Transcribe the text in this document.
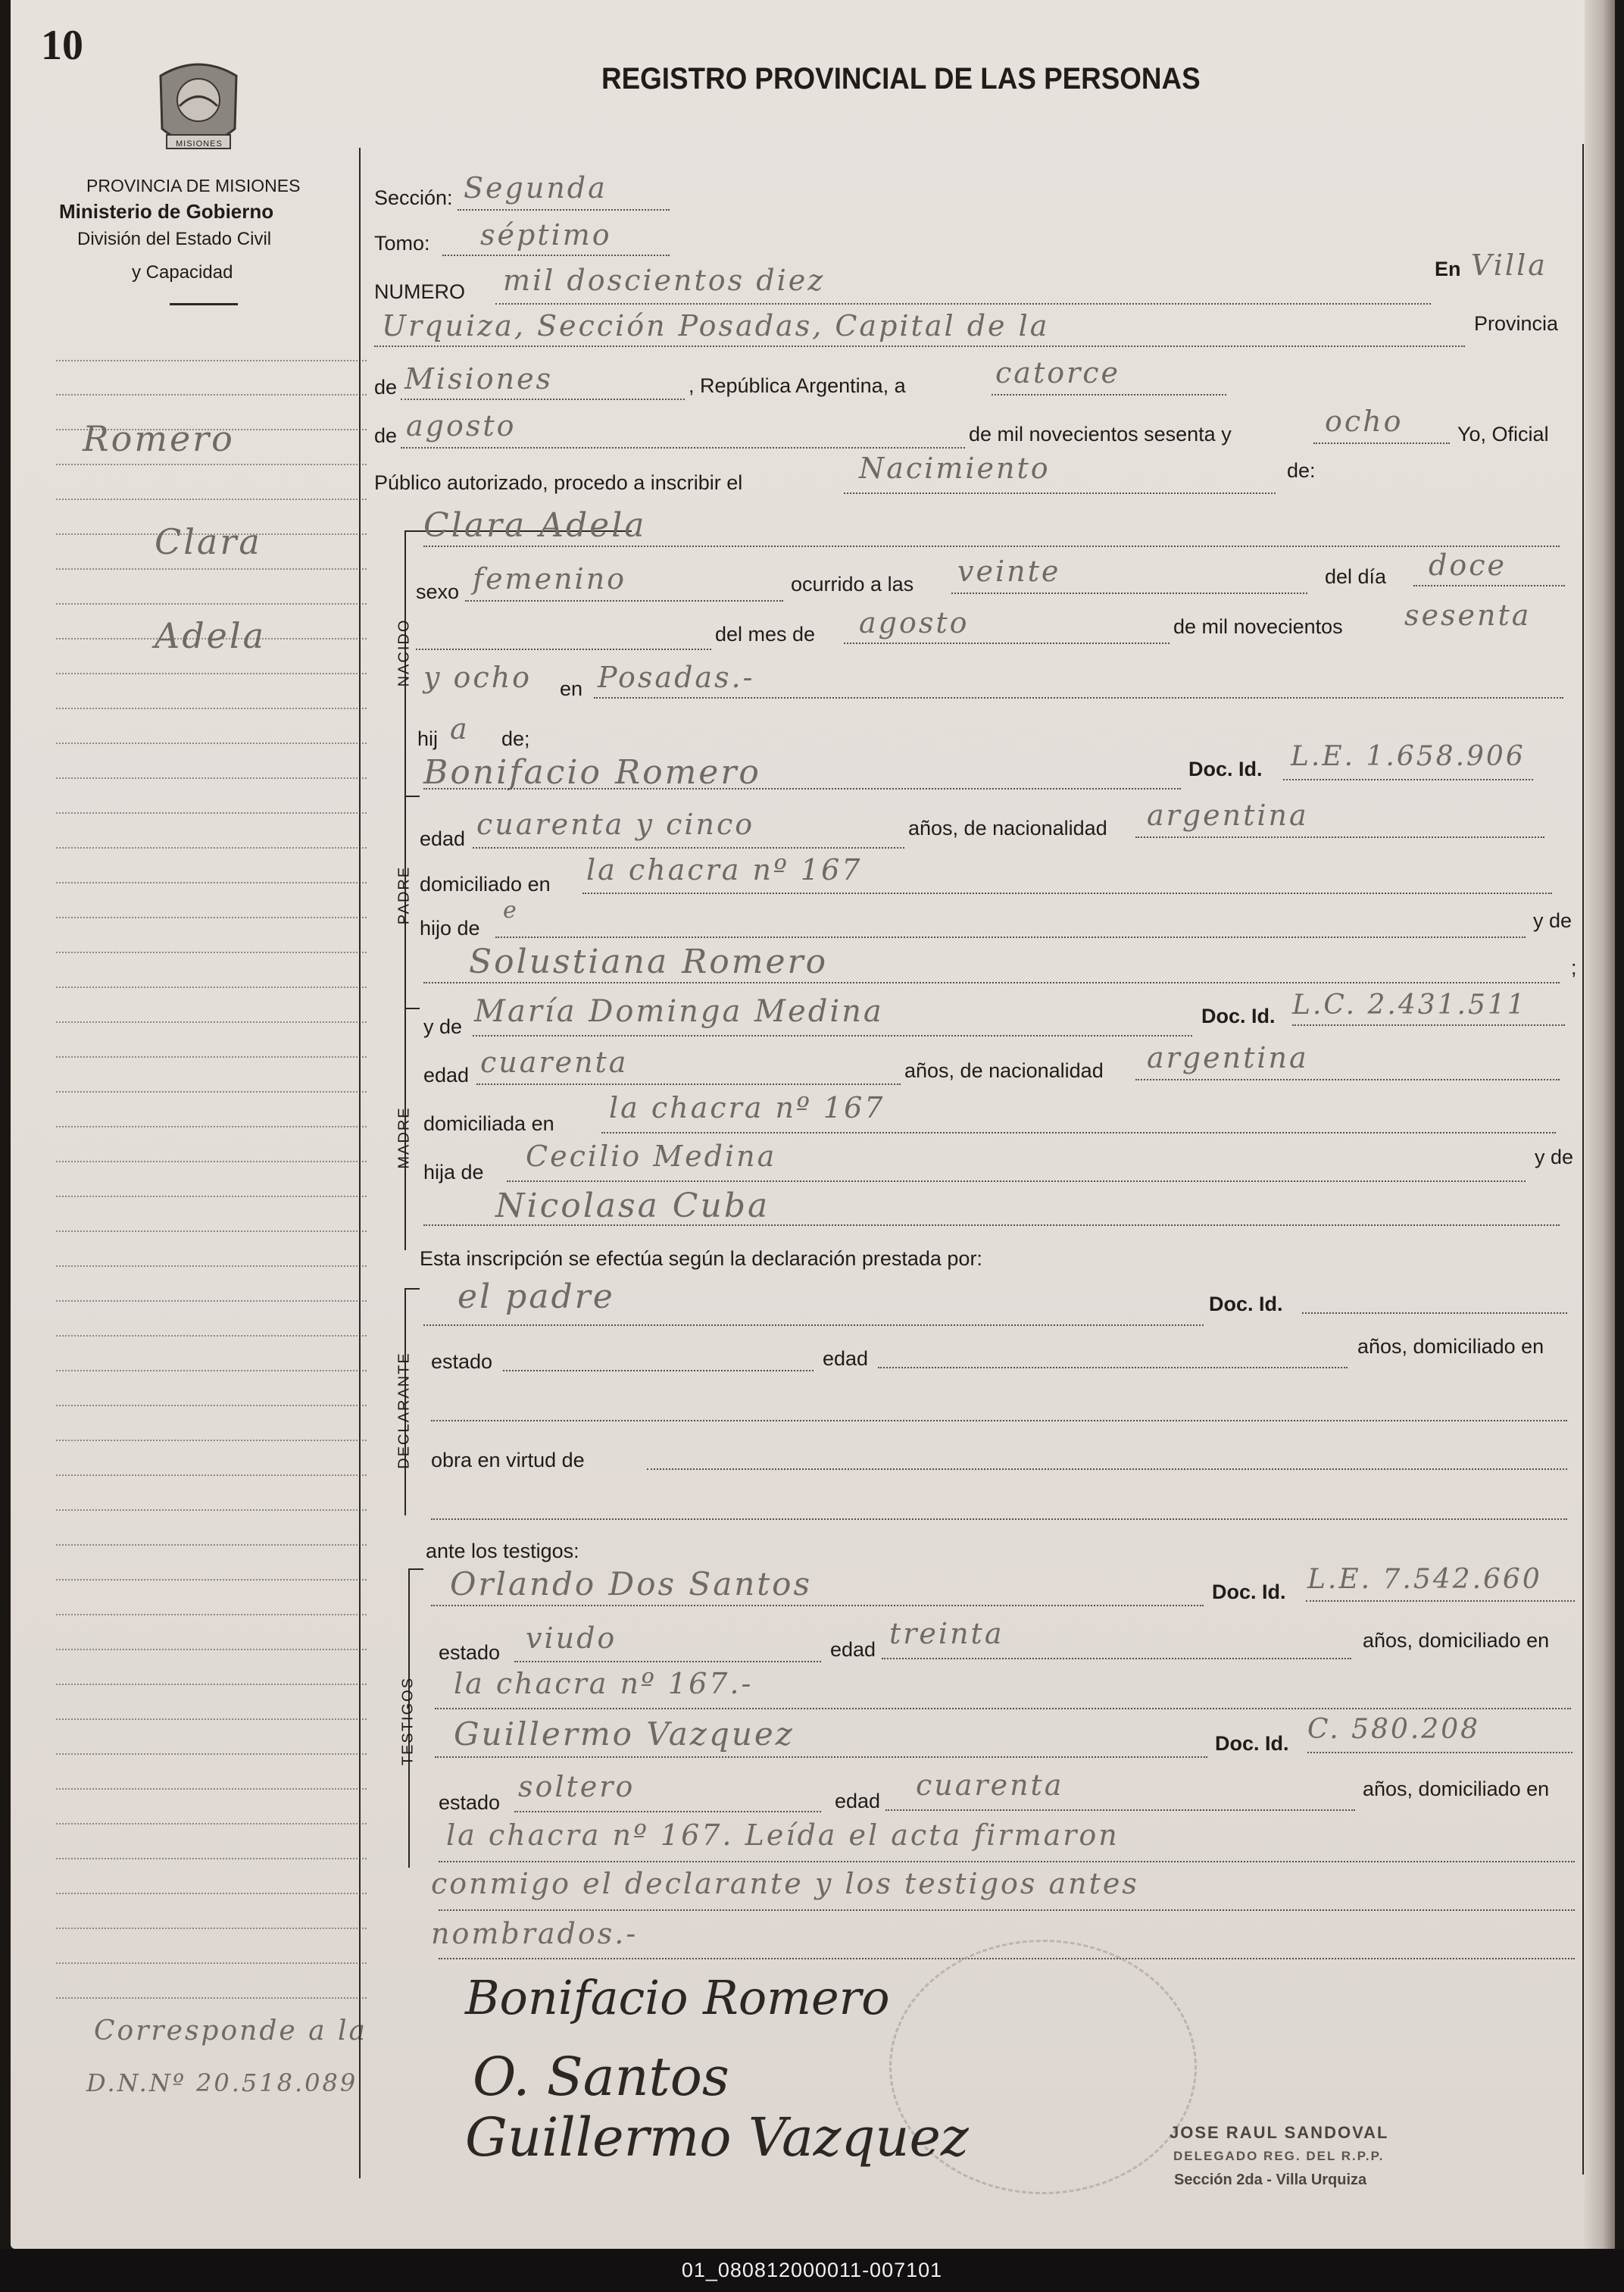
10
REGISTRO PROVINCIAL DE LAS PERSONAS
MISIONES
PROVINCIA DE MISIONES
Ministerio de Gobierno
División del Estado Civil
y Capacidad
Romero
Clara
Adela
Corresponde a la
D.N.Nº 20.518.089
Sección: Segunda
Tomo: séptimo
NUMERO mil doscientos diez	En Villa
Urquiza, Sección Posadas, Capital de la	Provincia
de Misiones	, República Argentina, a	catorce
de agosto	de mil novecientos sesenta y	ocho	Yo, Oficial
Público autorizado, procedo a inscribir el	Nacimiento	de:
NACIDO
Clara Adela
sexo femenino	ocurrido a las veinte	del día doce
del mes de agosto	de mil novecientos sesenta
y ocho en Posadas.-
hij a de;
PADRE
Bonifacio Romero	Doc. Id. L.E. 1.658.906
edad cuarenta y cinco	años, de nacionalidad argentina
domiciliado en la chacra nº 167
hijo de
e	y de
Solustiana Romero	;
MADRE
y de María Dominga Medina	Doc. Id. L.C. 2.431.511
edad cuarenta	años, de nacionalidad argentina
domiciliada en la chacra nº 167
hija de Cecilio Medina	y de
Nicolasa Cuba
Esta inscripción se efectúa según la declaración prestada por:
DECLARANTE
el padre	Doc. Id.
estado	edad
años, domiciliado en
obra en virtud de
ante los testigos:
TESTIGOS
Orlando Dos Santos	Doc. Id. L.E. 7.542.660
estado viudo	edad treinta	años, domiciliado en
la chacra nº 167.-
Guillermo Vazquez	Doc. Id. C. 580.208
estado soltero	edad cuarenta	años, domiciliado en
la chacra nº 167. Leída el acta firmaron
conmigo el declarante y los testigos antes
nombrados.-
Bonifacio Romero
O. Santos
Guillermo Vazquez	JOSE RAUL SANDOVAL
DELEGADO REG. DEL R.P.P.
Sección 2da - Villa Urquiza
01_080812000011-007101
